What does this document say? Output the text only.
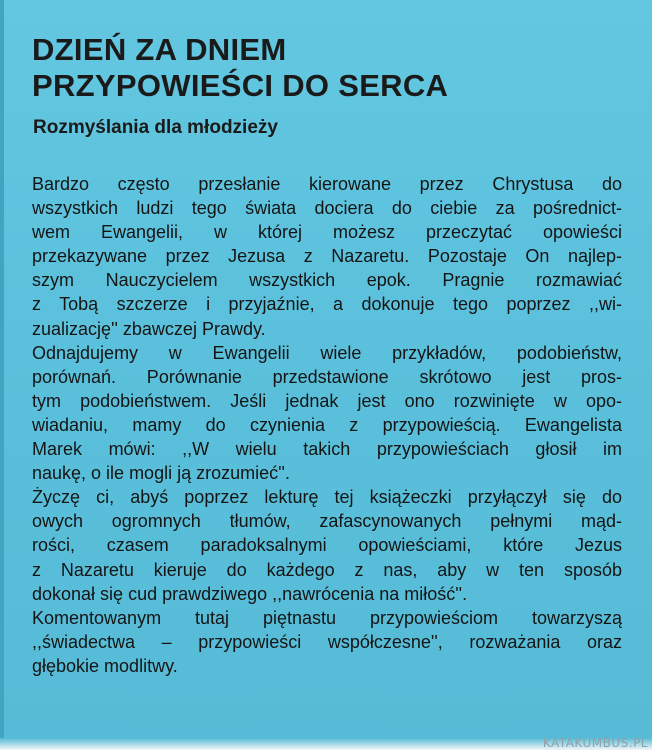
DZIEŃ ZA DNIEM
PRZYPOWIEŚCI DO SERCA
Rozmyślania dla młodzieży
Bardzo często przesłanie kierowane przez Chrystusa do
wszystkich ludzi tego świata dociera do ciebie za pośrednict-
wem Ewangelii, w której możesz przeczytać opowieści
przekazywane przez Jezusa z Nazaretu. Pozostaje On najlep-
szym Nauczycielem wszystkich epok. Pragnie rozmawiać
z Tobą szczerze i przyjaźnie, a dokonuje tego poprzez ,,wi-
zualizację'' zbawczej Prawdy.
Odnajdujemy w Ewangelii wiele przykładów, podobieństw,
porównań. Porównanie przedstawione skrótowo jest pros-
tym podobieństwem. Jeśli jednak jest ono rozwinięte w opo-
wiadaniu, mamy do czynienia z przypowieścią. Ewangelista
Marek mówi: ,,W wielu takich przypowieściach głosił im
naukę, o ile mogli ją zrozumieć''.
Życzę ci, abyś poprzez lekturę tej książeczki przyłączył się do
owych ogromnych tłumów, zafascynowanych pełnymi mąd-
rości, czasem paradoksalnymi opowieściami, które Jezus
z Nazaretu kieruje do każdego z nas, aby w ten sposób
dokonał się cud prawdziwego ,,nawrócenia na miłość''.
Komentowanym tutaj piętnastu przypowieściom towarzyszą
,,świadectwa – przypowieści współczesne'', rozważania oraz
głębokie modlitwy.
KATAKUMBUS.PL
